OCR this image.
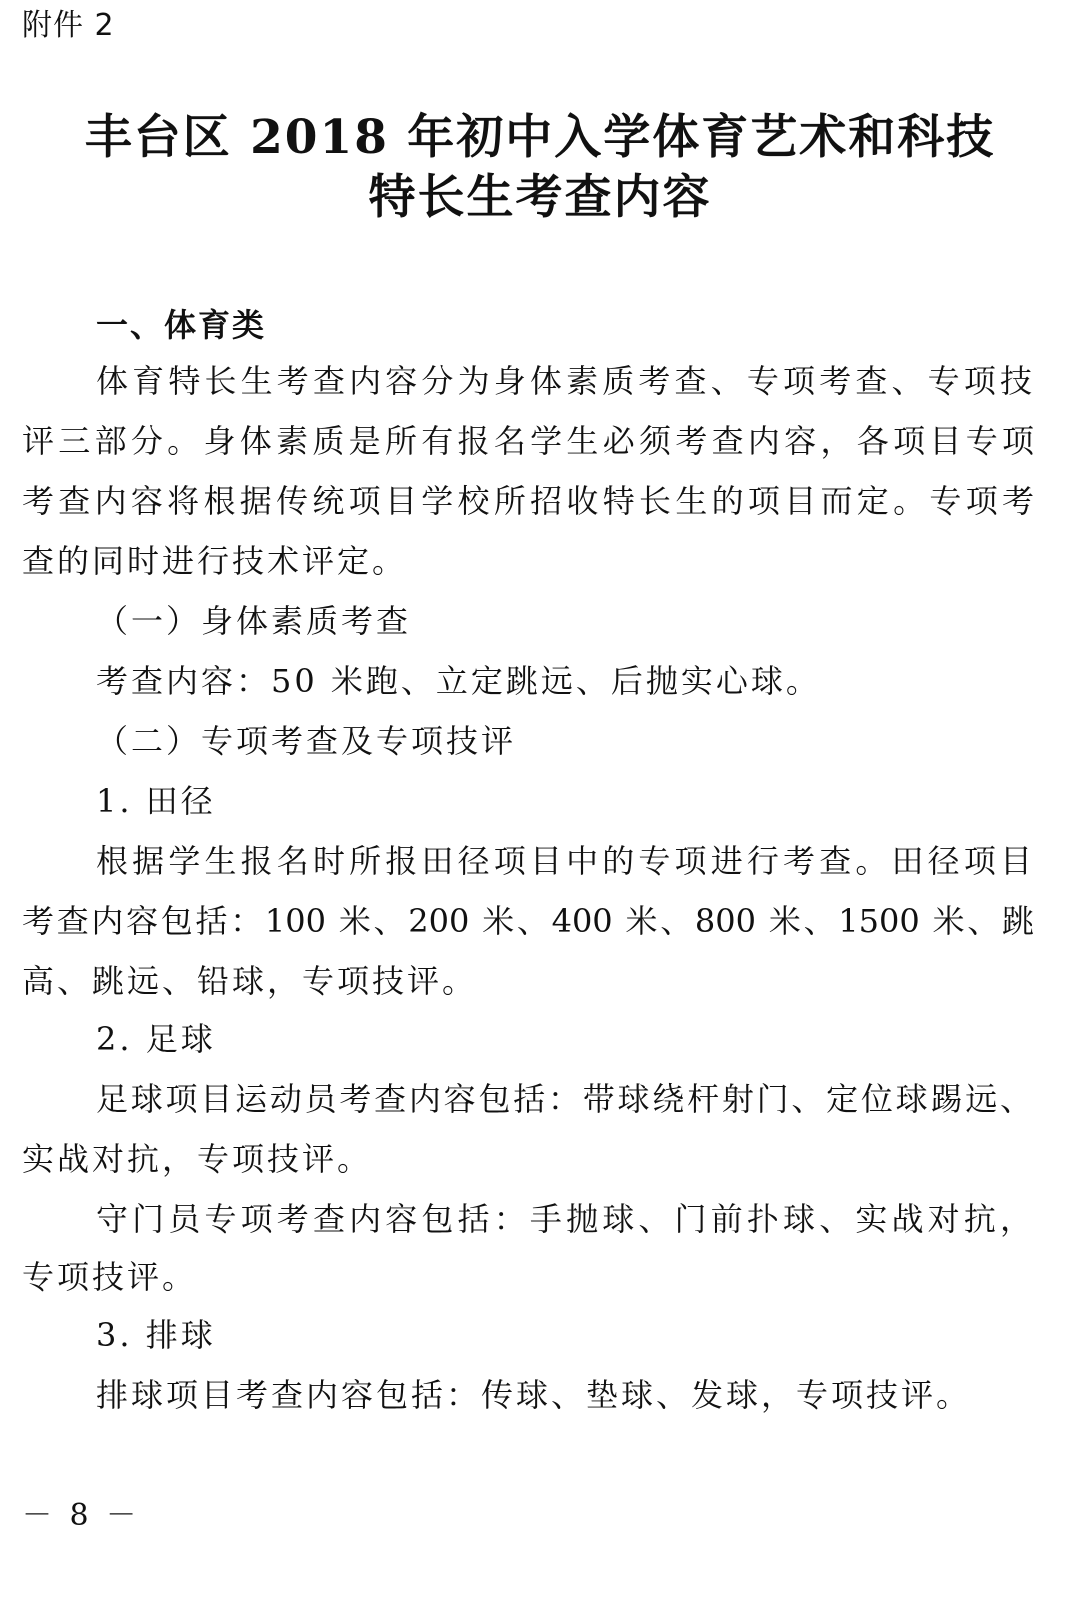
附件 2
丰台区 2018 年初中入学体育艺术和科技
特长生考查内容
一、体育类
体育特长生考查内容分为身体素质考查、专项考查、专项技
评三部分。身体素质是所有报名学生必须考查内容，各项目专项
考查内容将根据传统项目学校所招收特长生的项目而定。专项考
查的同时进行技术评定。
（一）身体素质考查
考查内容：50 米跑、立定跳远、后抛实心球。
（二）专项考查及专项技评
1. 田径
根据学生报名时所报田径项目中的专项进行考查。田径项目
考查内容包括：100 米、200 米、400 米、800 米、1500 米、跳
高、跳远、铅球，专项技评。
2. 足球
足球项目运动员考查内容包括：带球绕杆射门、定位球踢远、
实战对抗，专项技评。
守门员专项考查内容包括：手抛球、门前扑球、实战对抗，
专项技评。
3. 排球
排球项目考查内容包括：传球、垫球、发球，专项技评。
－ 8 －
